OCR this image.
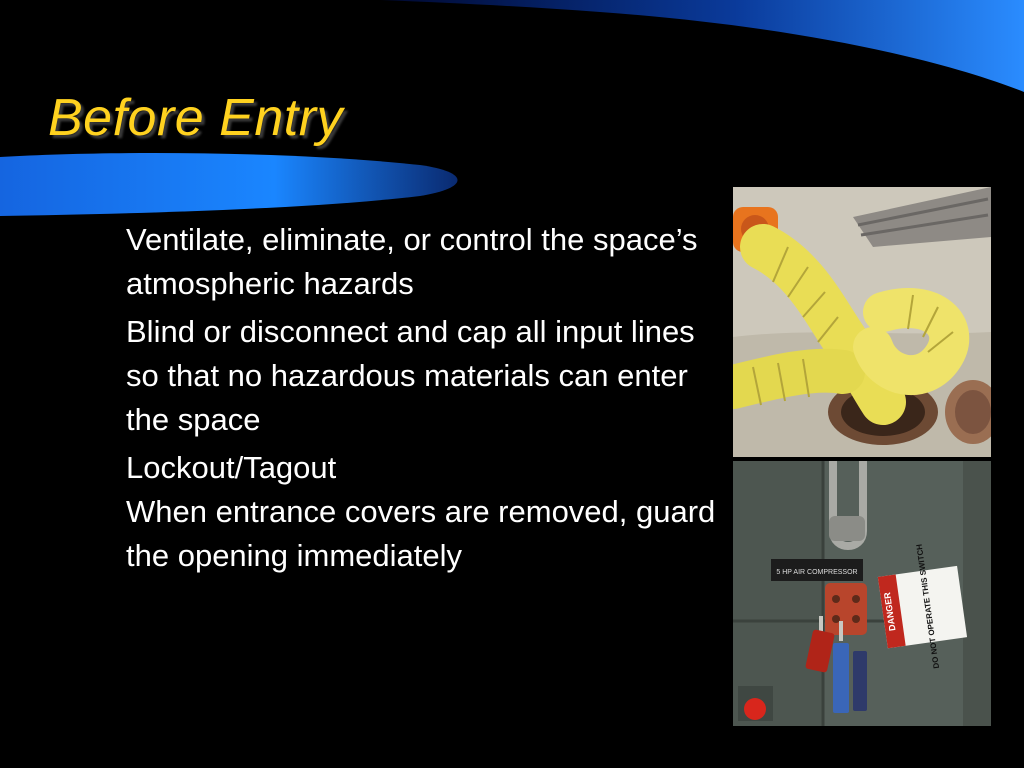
Before Entry
Ventilate, eliminate, or control the space’s atmospheric hazards
Blind or disconnect and cap all input lines so that no hazardous materials can enter the space
Lockout/Tagout
When entrance covers are removed, guard the opening immediately	5 HP AIR COMPRESSOR
DANGER DO NOT OPERATE THIS SWITCH
